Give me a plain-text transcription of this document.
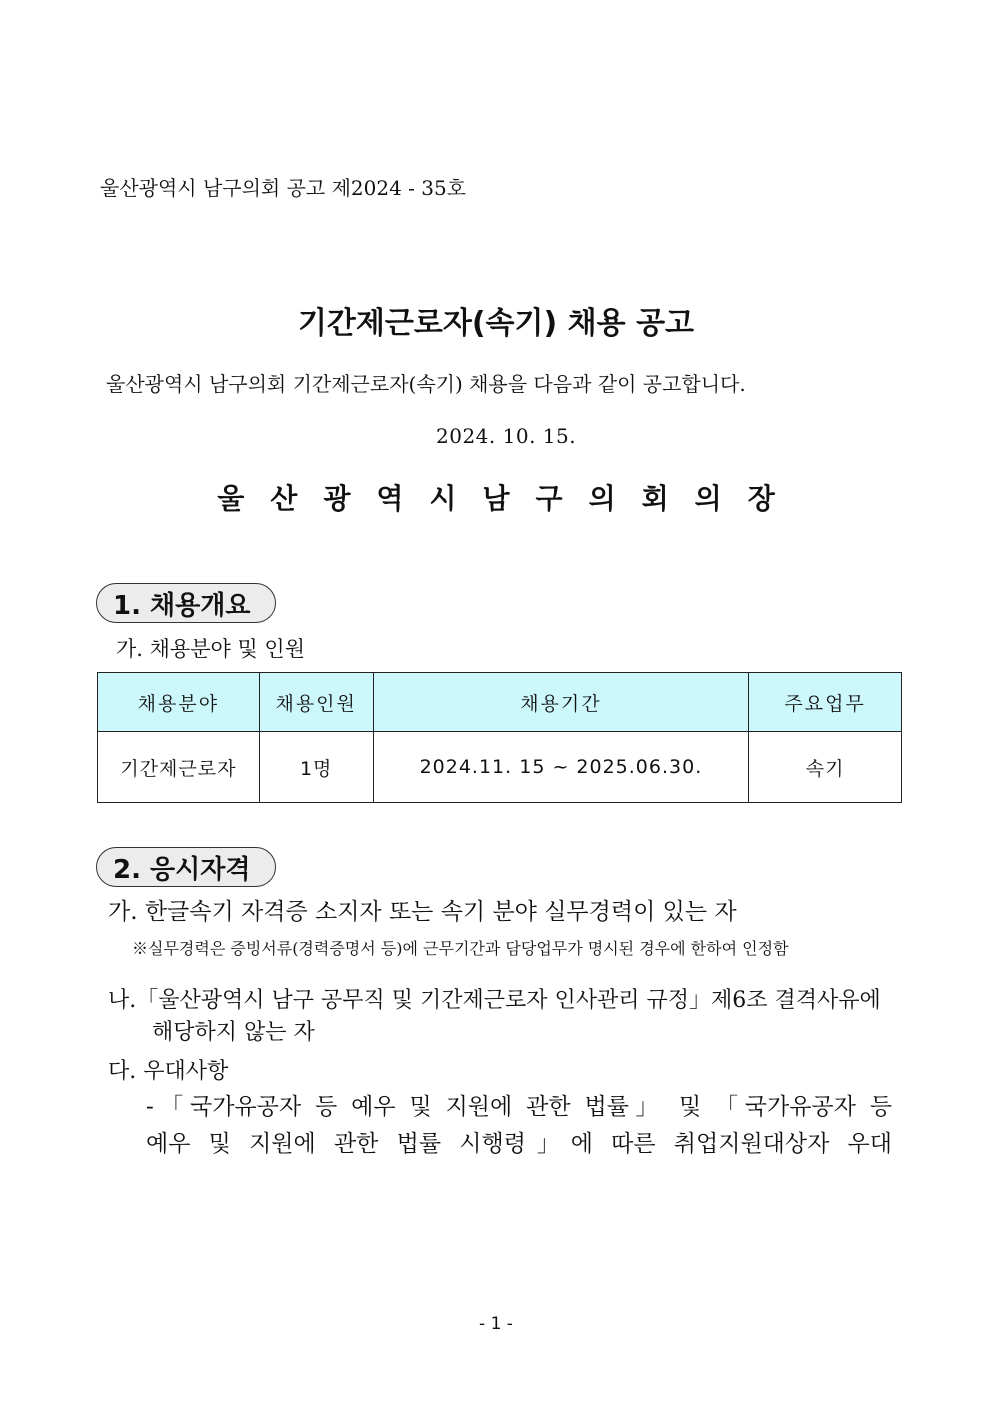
울산광역시 남구의회 공고 제2024 - 35호
기간제근로자(속기) 채용 공고
울산광역시 남구의회 기간제근로자(속기) 채용을 다음과 같이 공고합니다.
2024. 10. 15.
울산광역시남구의회의장
1. 채용개요
가. 채용분야 및 인원
채용분야	채용인원	채용기간	주요업무
기간제근로자	1명	2024.11. 15 ~ 2025.06.30.	속기
2. 응시자격
가. 한글속기 자격증 소지자 또는 속기 분야 실무경력이 있는 자
※실무경력은 증빙서류(경력증명서 등)에 근무기간과 담당업무가 명시된 경우에 한하여 인정함
나.「울산광역시 남구 공무직 및 기간제근로자 인사관리 규정」제6조 결격사유에
해당하지 않는 자
다. 우대사항
-「국가유공자 등 예우 및 지원에 관한 법률」 및 「국가유공자 등
예우 및 지원에 관한 법률 시행령」에 따른 취업지원대상자 우대
- 1 -
